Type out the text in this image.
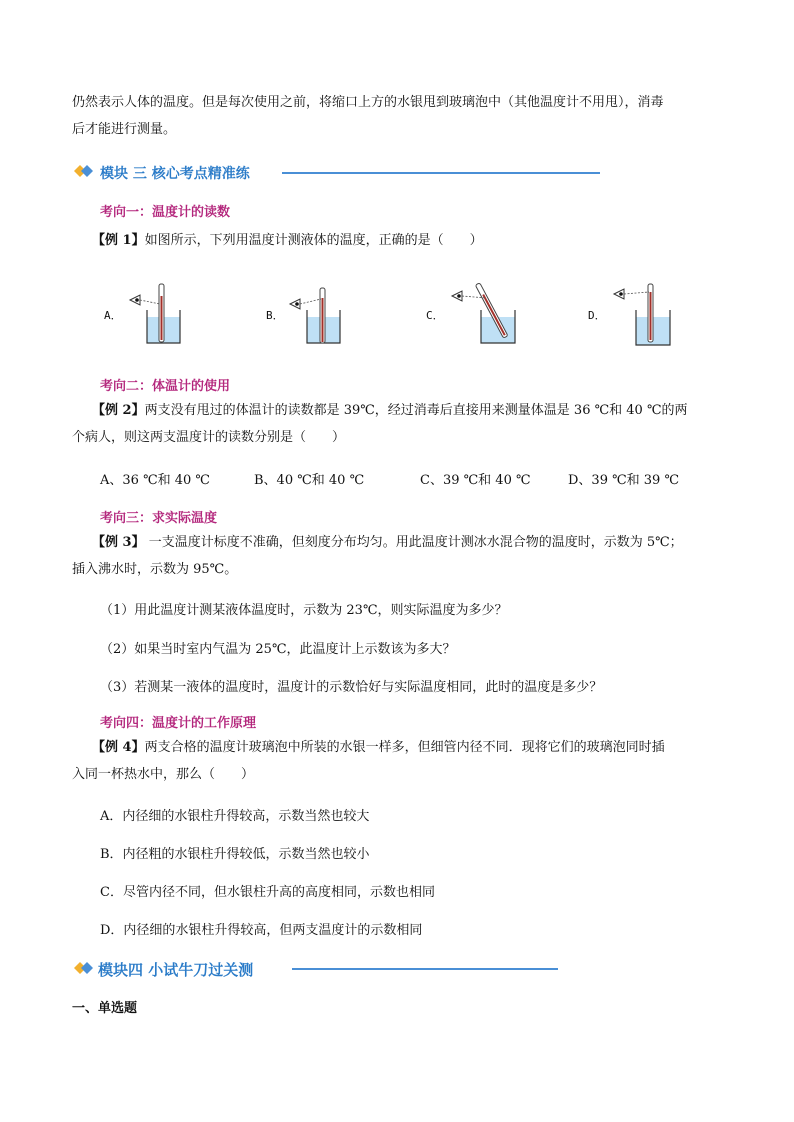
仍然表示人体的温度。但是每次使用之前，将缩口上方的水银甩到玻璃泡中（其他温度计不用甩），消毒
后才能进行测量。
模块 三 核心考点精准练
考向一：温度计的读数
【例 1】如图所示，下列用温度计测液体的温度，正确的是（　　）
A．	B．	C．	D．
考向二：体温计的使用
【例 2】两支没有甩过的体温计的读数都是 39℃，经过消毒后直接用来测量体温是 36 ℃和 40 ℃的两
个病人，则这两支温度计的读数分别是（　　）
A、36 ℃和 40 ℃	B、40 ℃和 40 ℃	C、39 ℃和 40 ℃	D、39 ℃和 39 ℃
考向三：求实际温度
【例 3】 一支温度计标度不准确，但刻度分布均匀。用此温度计测冰水混合物的温度时，示数为 5℃；
插入沸水时，示数为 95℃。
（1）用此温度计测某液体温度时，示数为 23℃，则实际温度为多少？
（2）如果当时室内气温为 25℃，此温度计上示数该为多大？
（3）若测某一液体的温度时，温度计的示数恰好与实际温度相同，此时的温度是多少？
考向四：温度计的工作原理
【例 4】两支合格的温度计玻璃泡中所装的水银一样多，但细管内径不同．现将它们的玻璃泡同时插
入同一杯热水中，那么（　　）
A．内径细的水银柱升得较高，示数当然也较大
B．内径粗的水银柱升得较低，示数当然也较小
C．尽管内径不同，但水银柱升高的高度相同，示数也相同
D．内径细的水银柱升得较高，但两支温度计的示数相同
模块四 小试牛刀过关测
一、单选题
